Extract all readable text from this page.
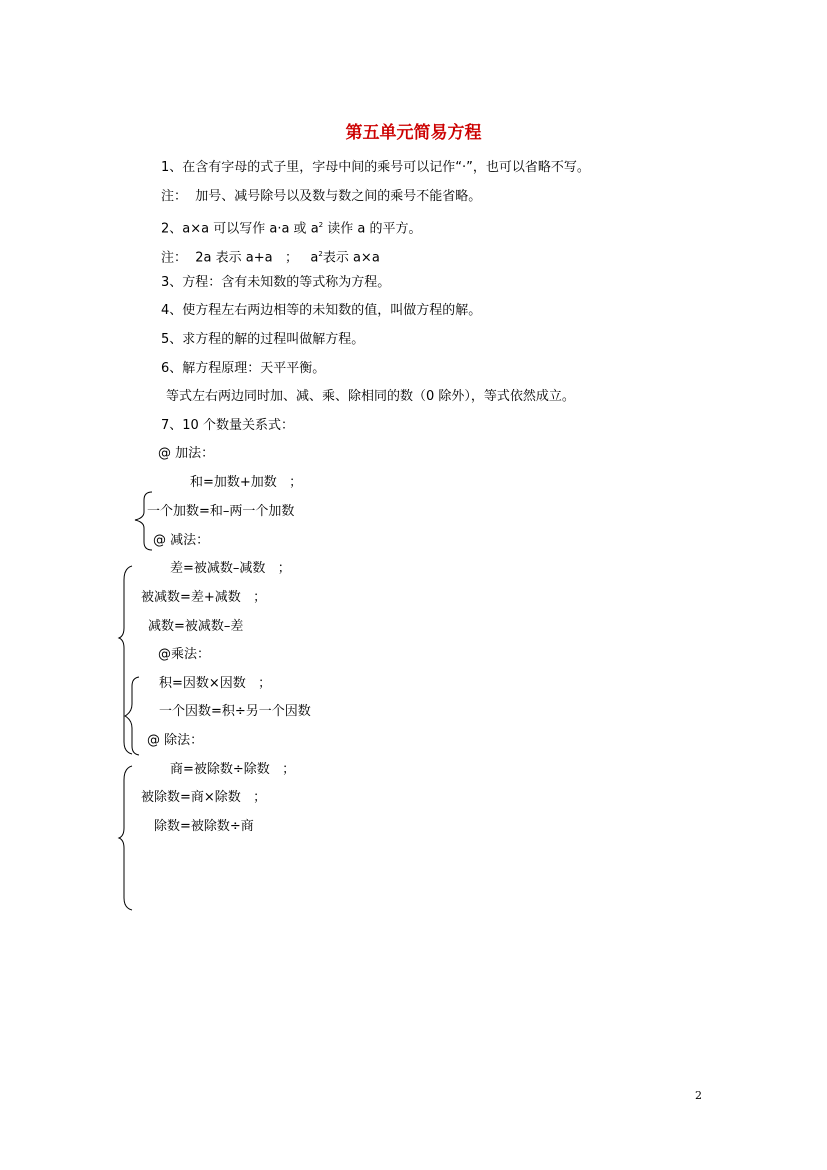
第五单元简易方程
1、在含有字母的式子里，字母中间的乘号可以记作“·”，也可以省略不写。
注：  加号、减号除号以及数与数之间的乘号不能省略。
2、a×a 可以写作 a·a 或 $a^2$ 读作 a 的平方。
注：  2a 表示 a+a   ；   $a^2$表示 a×a
3、方程：含有未知数的等式称为方程。
4、使方程左右两边相等的未知数的值，叫做方程的解。
5、求方程的解的过程叫做解方程。
6、解方程原理：天平平衡。
等式左右两边同时加、减、乘、除相同的数（0 除外），等式依然成立。
7、10 个数量关系式：
@ 加法：
和=加数+加数   ；
一个加数=和–两一个加数
@ 减法：
差=被减数–减数   ；
被减数=差+减数   ；
减数=被减数–差
@乘法：
积=因数×因数   ；
一个因数=积÷另一个因数
@ 除法：
商=被除数÷除数   ；
被除数=商×除数   ；
除数=被除数÷商
2
